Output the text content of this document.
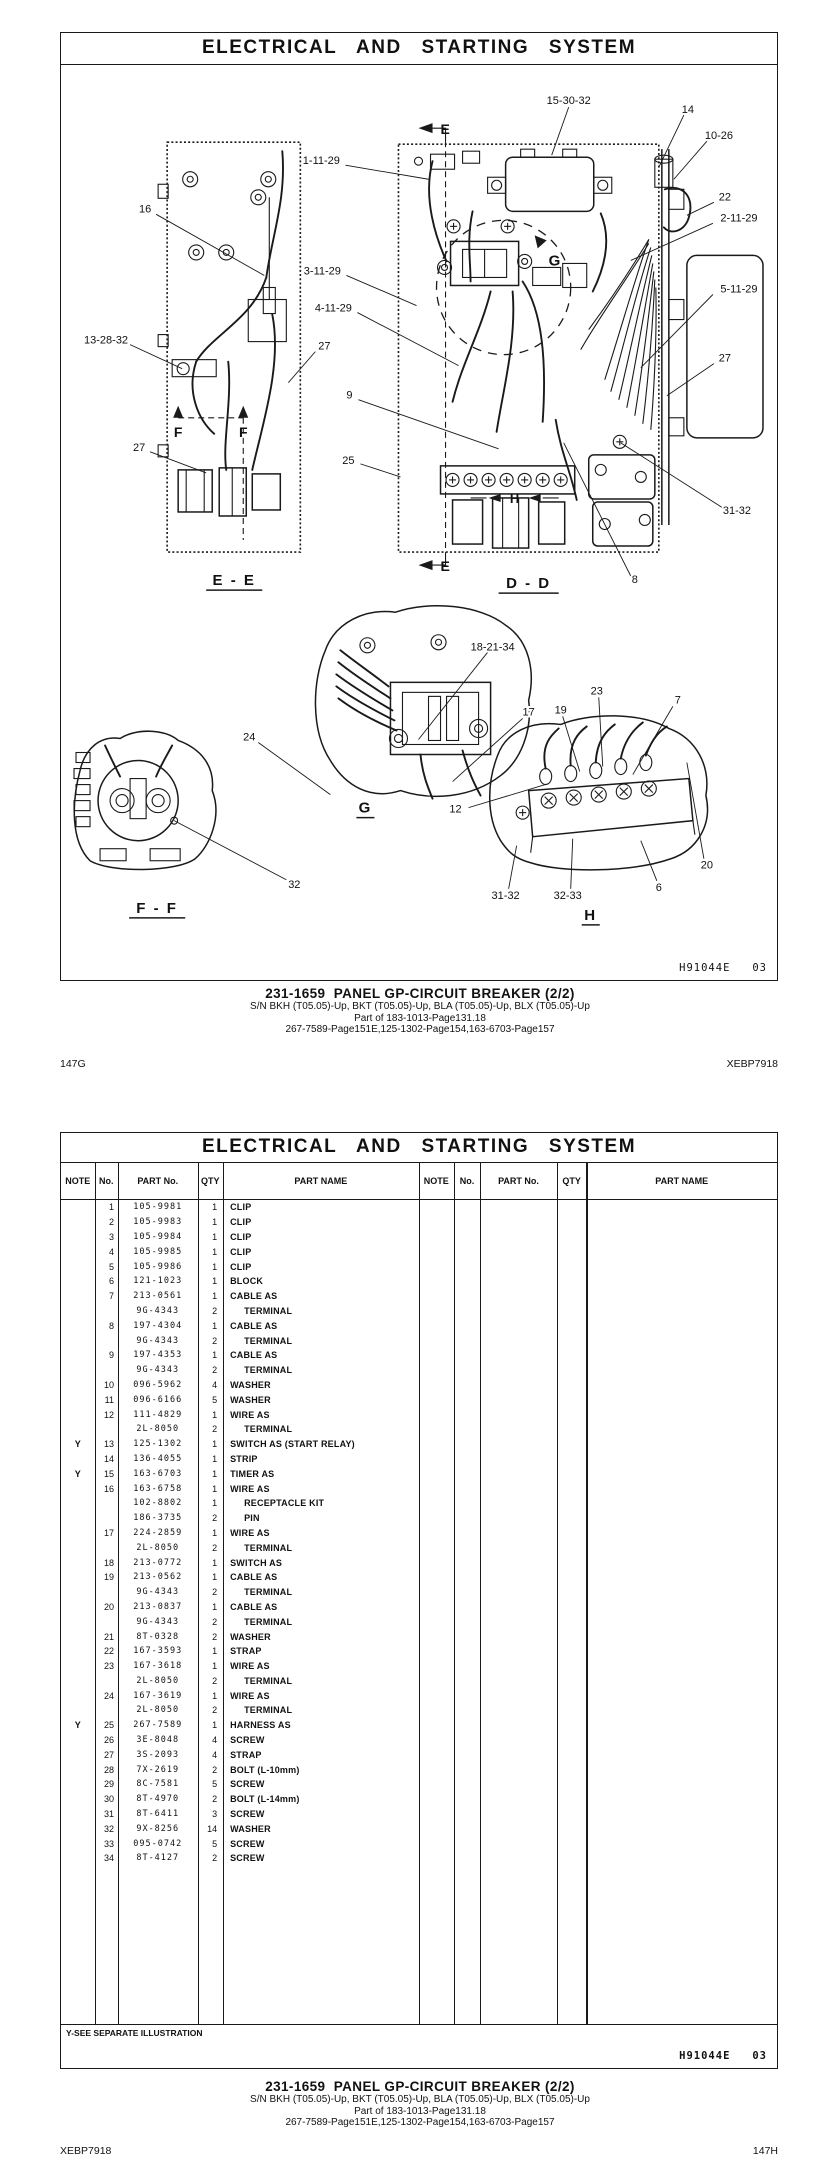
ELECTRICAL AND STARTING SYSTEM
F	F
E
E
G
H
15-30-32
14
10-26
22
2-11-29
5-11-29
27
31-32
8
1-11-29
16
3-11-29
4-11-29
13-28-32
27
27
9
25
18-21-34
17 19
23
7
24
12
32
31-32	32-33
6
20
E - E	D - D
F - F
G
H
H91044E   03
231-1659  PANEL GP-CIRCUIT BREAKER (2/2)
S/N BKH (T05.05)-Up, BKT (T05.05)-Up, BLA (T05.05)-Up, BLX (T05.05)-Up
Part of 183-1013-Page131.18
267-7589-Page151E,125-1302-Page154,163-6703-Page157
147G	XEBP7918
ELECTRICAL AND STARTING SYSTEM
NOTE No.	PART No.	QTY	PART NAME	NOTE	No.	PART No.	QTY	PART NAME
1	105-9981	1	CLIP
2	105-9983	1	CLIP
3	105-9984	1	CLIP
4	105-9985	1	CLIP
5	105-9986	1	CLIP
6	121-1023	1	BLOCK
7	213-0561	1	CABLE AS
9G-4343	2	TERMINAL
8	197-4304	1	CABLE AS
9G-4343	2	TERMINAL
9	197-4353	1	CABLE AS
9G-4343	2	TERMINAL
10	096-5962	4	WASHER
11	096-6166	5	WASHER
12	111-4829	1	WIRE AS
2L-8050	2	TERMINAL
Y	13	125-1302	1	SWITCH AS (START RELAY)
14	136-4055	1	STRIP
Y	15	163-6703	1	TIMER AS
16	163-6758	1	WIRE AS
102-8802	1	RECEPTACLE KIT
186-3735	2	PIN
17	224-2859	1	WIRE AS
2L-8050	2	TERMINAL
18	213-0772	1	SWITCH AS
19	213-0562	1	CABLE AS
9G-4343	2	TERMINAL
20	213-0837	1	CABLE AS
9G-4343	2	TERMINAL
21	8T-0328	2	WASHER
22	167-3593	1	STRAP
23	167-3618	1	WIRE AS
2L-8050	2	TERMINAL
24	167-3619	1	WIRE AS
2L-8050	2	TERMINAL
Y	25	267-7589	1	HARNESS AS
26	3E-8048	4	SCREW
27	3S-2093	4	STRAP
28	7X-2619	2	BOLT (L-10mm)
29	8C-7581	5	SCREW
30	8T-4970	2	BOLT (L-14mm)
31	8T-6411	3	SCREW
32	9X-8256	14	WASHER
33	095-0742	5	SCREW
34	8T-4127	2	SCREW
Y-SEE SEPARATE ILLUSTRATION
H91044E   03
231-1659  PANEL GP-CIRCUIT BREAKER (2/2)
S/N BKH (T05.05)-Up, BKT (T05.05)-Up, BLA (T05.05)-Up, BLX (T05.05)-Up
Part of 183-1013-Page131.18
267-7589-Page151E,125-1302-Page154,163-6703-Page157
XEBP7918	147H
